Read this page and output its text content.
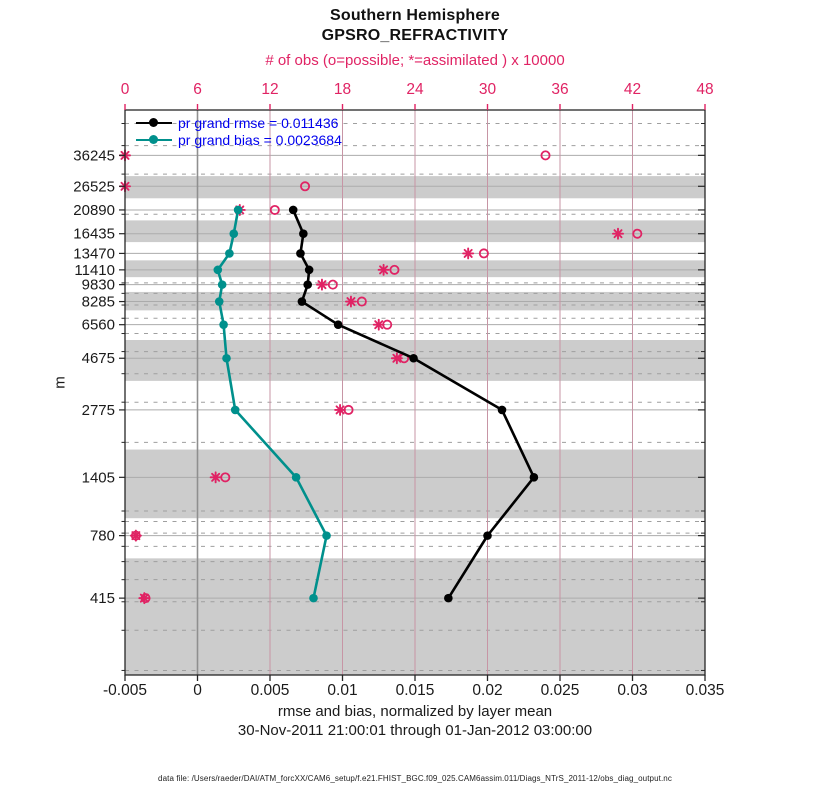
0	6	12	18	24	30	36	42	48
-0.005	0	0.005 0.01 0.015 0.02 0.025 0.03 0.035
36245
26525
20890
16435
13470
11410
9830
8285
6560
4675
2775
1405
780
415
Southern Hemisphere
GPSRO_REFRACTIVITY
# of obs (o=possible; *=assimilated ) x 10000
pr grand rmse = 0.011436
pr grand bias = 0.0023684
m
rmse and bias, normalized by layer mean
30-Nov-2011 21:00:01 through 01-Jan-2012 03:00:00
data file: /Users/raeder/DAI/ATM_forcXX/CAM6_setup/f.e21.FHIST_BGC.f09_025.CAM6assim.011/Diags_NTrS_2011-12/obs_diag_output.nc
